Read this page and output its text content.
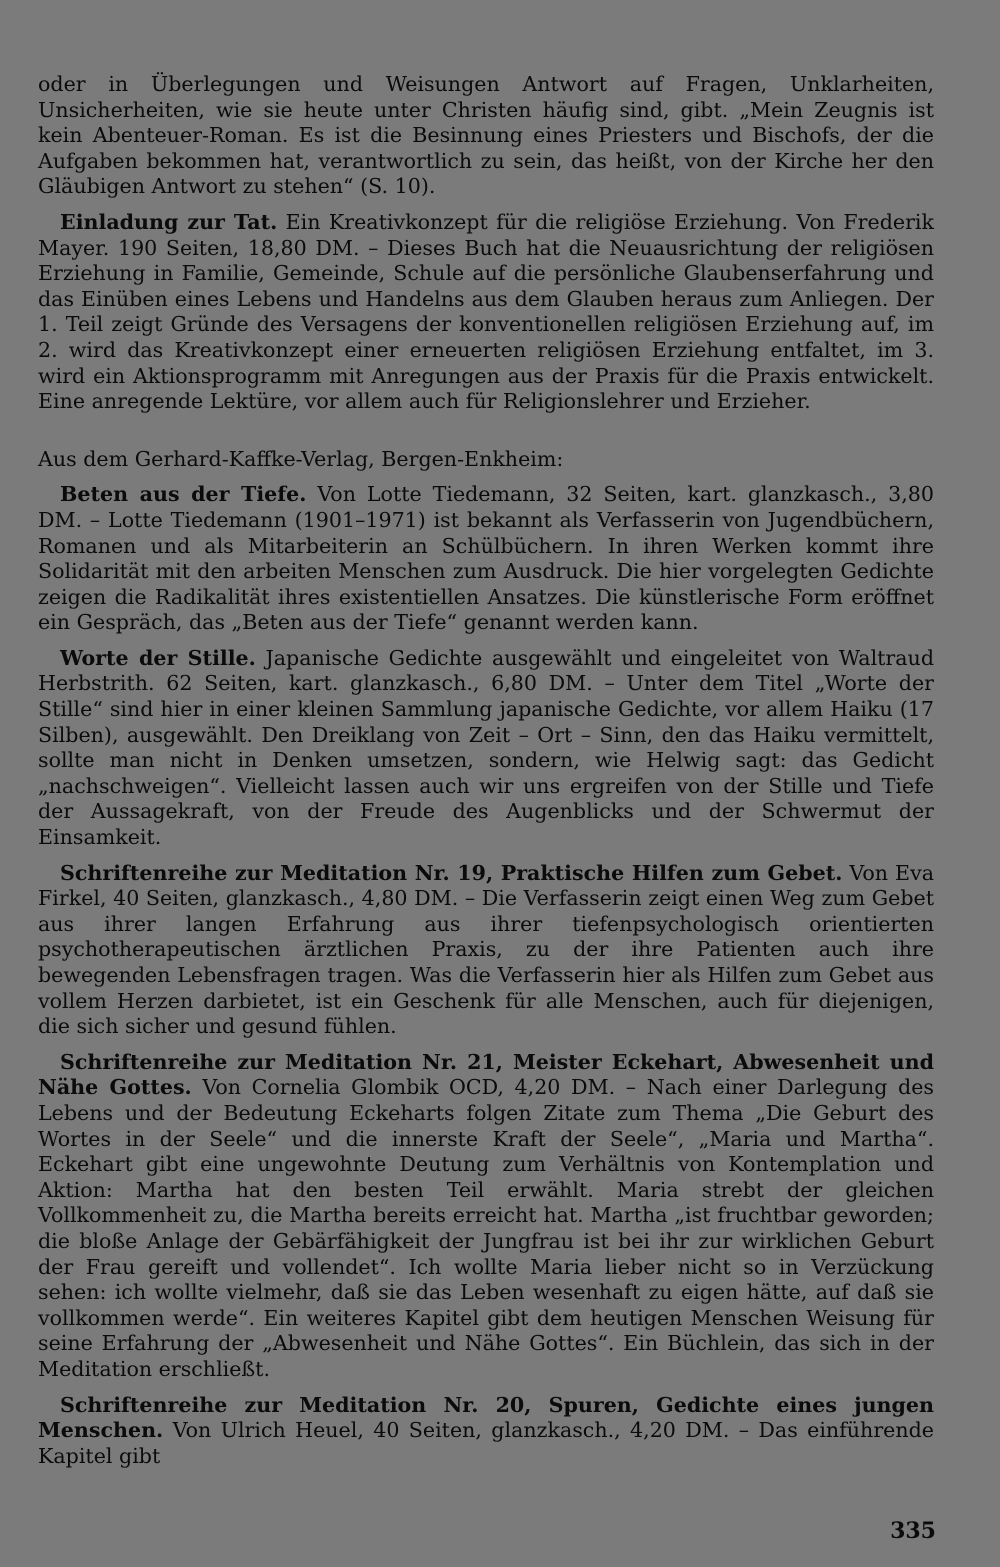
oder in Überlegungen und Weisungen Antwort auf Fragen, Unklarheiten, Unsicherheiten, wie sie heute unter Christen häufig sind, gibt. „Mein Zeugnis ist kein Abenteuer-Roman. Es ist die Besinnung eines Priesters und Bischofs, der die Aufgaben bekommen hat, verantwortlich zu sein, das heißt, von der Kirche her den Gläubigen Antwort zu stehen“ (S. 10).

Einladung zur Tat. Ein Kreativkonzept für die religiöse Erziehung. Von Frederik Mayer. 190 Seiten, 18,80 DM. – Dieses Buch hat die Neuausrichtung der religiösen Erziehung in Familie, Gemeinde, Schule auf die persönliche Glaubenserfahrung und das Einüben eines Lebens und Handelns aus dem Glauben heraus zum Anliegen. Der 1. Teil zeigt Gründe des Versagens der konventionellen religiösen Erziehung auf, im 2. wird das Kreativkonzept einer erneuerten religiösen Erziehung entfaltet, im 3. wird ein Aktionsprogramm mit Anregungen aus der Praxis für die Praxis entwickelt. Eine anregende Lektüre, vor allem auch für Religionslehrer und Erzieher.

Aus dem Gerhard-Kaffke-Verlag, Bergen-Enkheim:

Beten aus der Tiefe. Von Lotte Tiedemann, 32 Seiten, kart. glanzkasch., 3,80 DM. – Lotte Tiedemann (1901–1971) ist bekannt als Verfasserin von Jugendbüchern, Romanen und als Mitarbeiterin an Schülbüchern. In ihren Werken kommt ihre Solidarität mit den arbeiten Menschen zum Ausdruck. Die hier vorgelegten Gedichte zeigen die Radikalität ihres existentiellen Ansatzes. Die künstlerische Form eröffnet ein Gespräch, das „Beten aus der Tiefe“ genannt werden kann.

Worte der Stille. Japanische Gedichte ausgewählt und eingeleitet von Waltraud Herbstrith. 62 Seiten, kart. glanzkasch., 6,80 DM. – Unter dem Titel „Worte der Stille“ sind hier in einer kleinen Sammlung japanische Gedichte, vor allem Haiku (17 Silben), ausgewählt. Den Dreiklang von Zeit – Ort – Sinn, den das Haiku vermittelt, sollte man nicht in Denken umsetzen, sondern, wie Helwig sagt: das Gedicht „nachschweigen“. Vielleicht lassen auch wir uns ergreifen von der Stille und Tiefe der Aussagekraft, von der Freude des Augenblicks und der Schwermut der Einsamkeit.

Schriftenreihe zur Meditation Nr. 19, Praktische Hilfen zum Gebet. Von Eva Firkel, 40 Seiten, glanzkasch., 4,80 DM. – Die Verfasserin zeigt einen Weg zum Gebet aus ihrer langen Erfahrung aus ihrer tiefenpsychologisch orientierten psychotherapeutischen ärztlichen Praxis, zu der ihre Patienten auch ihre bewegenden Lebensfragen tragen. Was die Verfasserin hier als Hilfen zum Gebet aus vollem Herzen darbietet, ist ein Geschenk für alle Menschen, auch für diejenigen, die sich sicher und gesund fühlen.

Schriftenreihe zur Meditation Nr. 21, Meister Eckehart, Abwesenheit und Nähe Gottes. Von Cornelia Glombik OCD, 4,20 DM. – Nach einer Darlegung des Lebens und der Bedeutung Eckeharts folgen Zitate zum Thema „Die Geburt des Wortes in der Seele“ und die innerste Kraft der Seele“, „Maria und Martha“. Eckehart gibt eine ungewohnte Deutung zum Verhältnis von Kontemplation und Aktion: Martha hat den besten Teil erwählt. Maria strebt der gleichen Vollkommenheit zu, die Martha bereits erreicht hat. Martha „ist fruchtbar geworden; die bloße Anlage der Gebärfähigkeit der Jungfrau ist bei ihr zur wirklichen Geburt der Frau gereift und vollendet“. Ich wollte Maria lieber nicht so in Verzückung sehen: ich wollte vielmehr, daß sie das Leben wesenhaft zu eigen hätte, auf daß sie vollkommen werde“. Ein weiteres Kapitel gibt dem heutigen Menschen Weisung für seine Erfahrung der „Abwesenheit und Nähe Gottes“. Ein Büchlein, das sich in der Meditation erschließt.

Schriftenreihe zur Meditation Nr. 20, Spuren, Gedichte eines jungen Menschen. Von Ulrich Heuel, 40 Seiten, glanzkasch., 4,20 DM. – Das einführende Kapitel gibt

335
